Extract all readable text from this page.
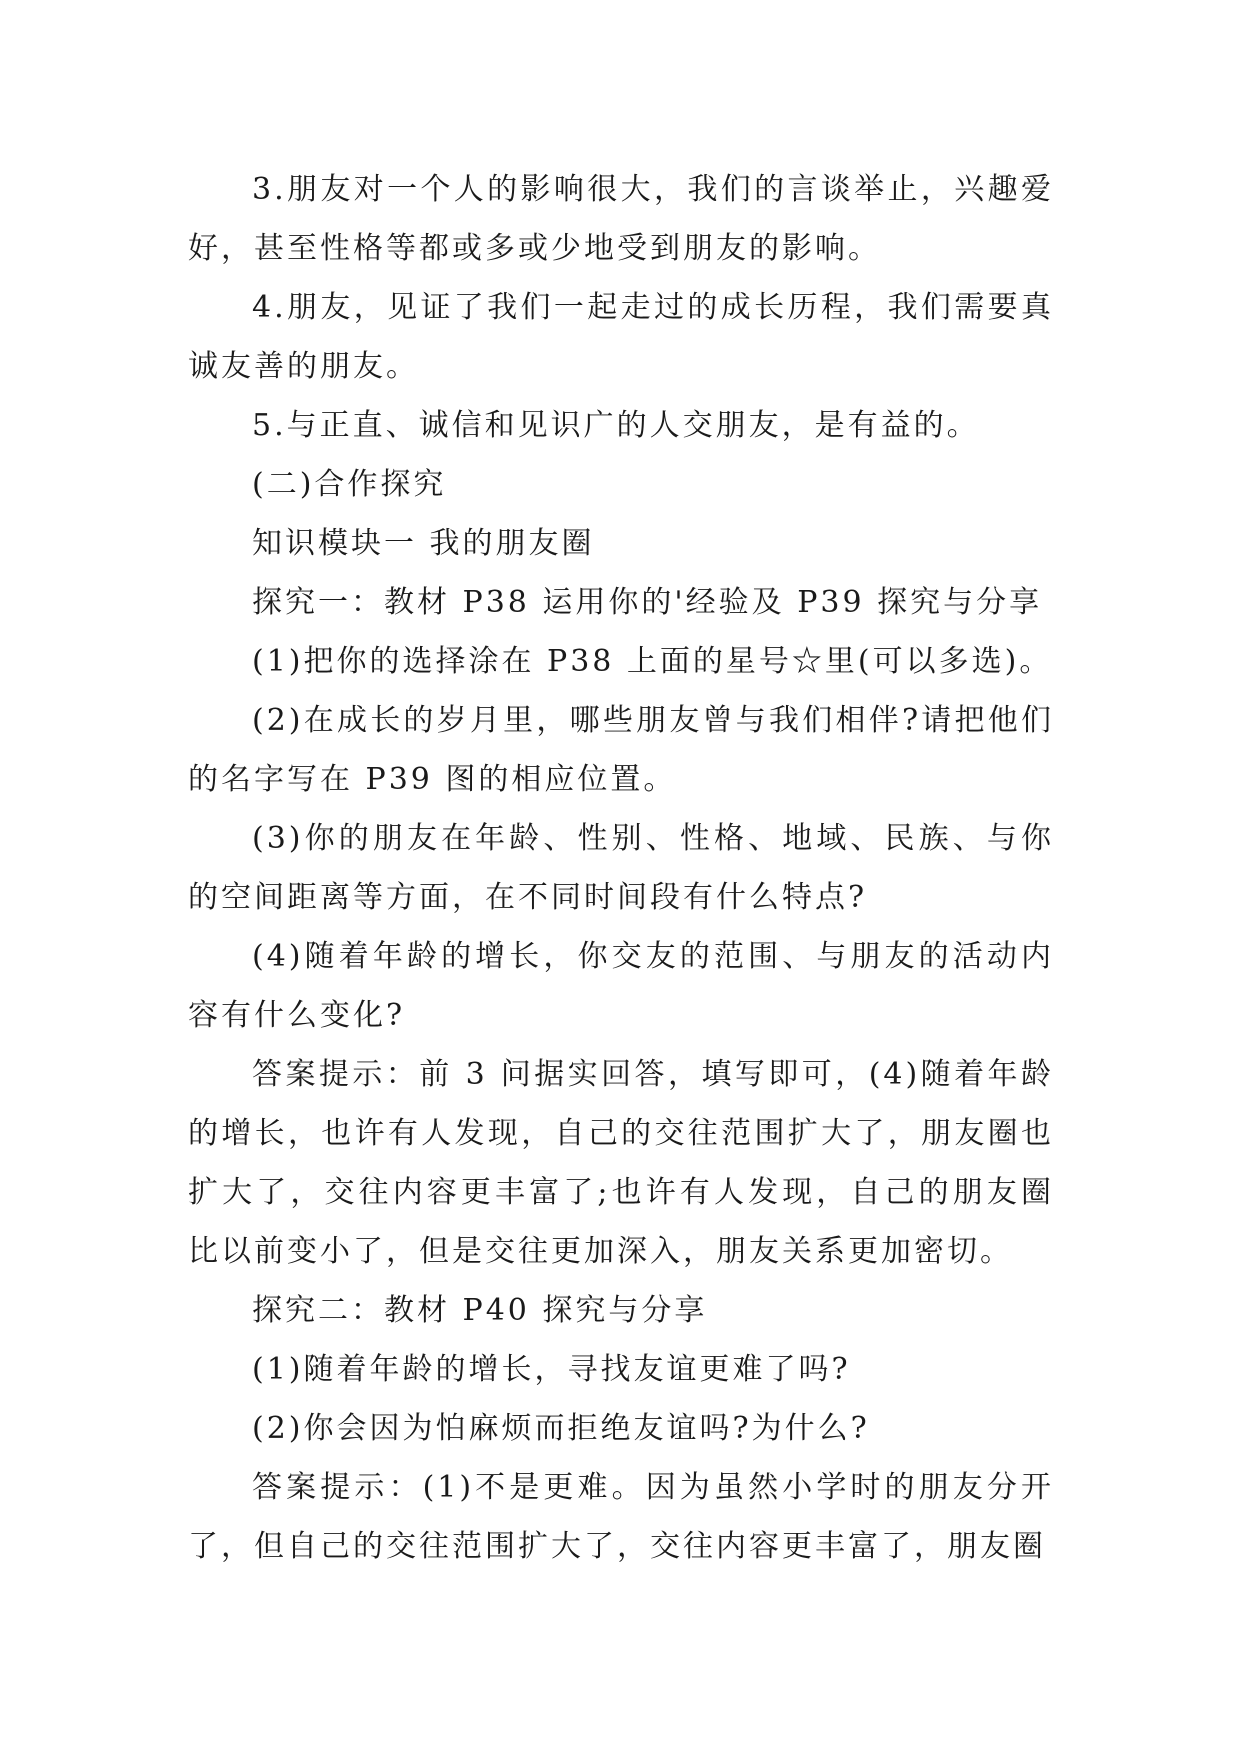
3.朋友对一个人的影响很大，我们的言谈举止，兴趣爱好，甚至性格等都或多或少地受到朋友的影响。

4.朋友，见证了我们一起走过的成长历程，我们需要真诚友善的朋友。

5.与正直、诚信和见识广的人交朋友，是有益的。

(二)合作探究

知识模块一 我的朋友圈

探究一：教材 P38 运用你的'经验及 P39 探究与分享

(1)把你的选择涂在 P38 上面的星号☆里(可以多选)。

(2)在成长的岁月里，哪些朋友曾与我们相伴?请把他们的名字写在 P39 图的相应位置。

(3)你的朋友在年龄、性别、性格、地域、民族、与你的空间距离等方面，在不同时间段有什么特点?

(4)随着年龄的增长，你交友的范围、与朋友的活动内容有什么变化?

答案提示：前 3 问据实回答，填写即可，(4)随着年龄的增长，也许有人发现，自己的交往范围扩大了，朋友圈也扩大了，交往内容更丰富了;也许有人发现，自己的朋友圈比以前变小了，但是交往更加深入，朋友关系更加密切。

探究二：教材 P40 探究与分享

(1)随着年龄的增长，寻找友谊更难了吗?

(2)你会因为怕麻烦而拒绝友谊吗?为什么?

答案提示：(1)不是更难。因为虽然小学时的朋友分开了，但自己的交往范围扩大了，交往内容更丰富了，朋友圈
